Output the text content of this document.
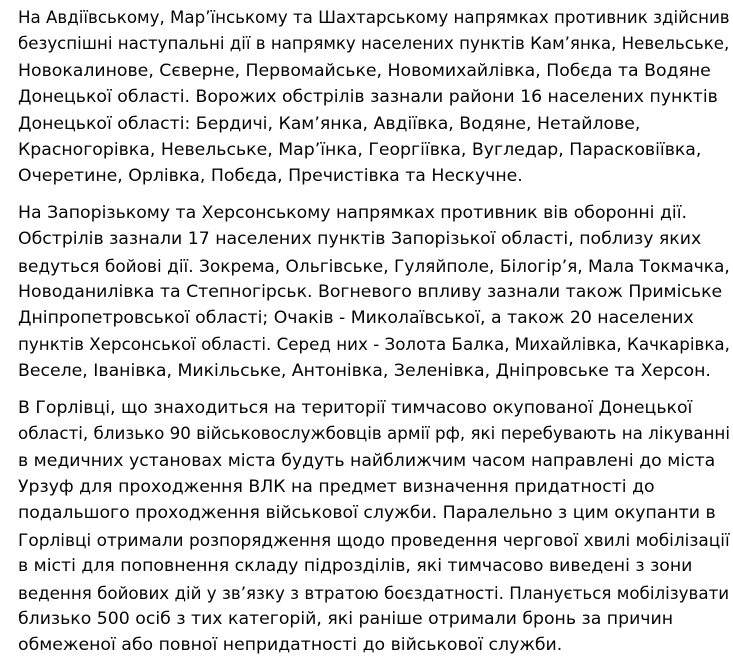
На Авдіївському, Мар’їнському та Шахтарському напрямках противник здійснив
безуспішні наступальні дії в напрямку населених пунктів Кам’янка, Невельське,
Новокалинове, Сєверне, Первомайське, Новомихайлівка, Побєда та Водяне
Донецької області. Ворожих обстрілів зазнали райони 16 населених пунктів
Донецької області: Бердичі, Кам’янка, Авдіївка, Водяне, Нетайлове,
Красногорівка, Невельське, Мар’їнка, Георгіївка, Вугледар, Парасковіївка,
Очеретине, Орлівка, Побєда, Пречистівка та Нескучне.
На Запорізькому та Херсонському напрямках противник вів оборонні дії.
Обстрілів зазнали 17 населених пунктів Запорізької області, поблизу яких
ведуться бойові дії. Зокрема, Ольгівське, Гуляйполе, Білогір’я, Мала Токмачка,
Новоданилівка та Степногірськ. Вогневого впливу зазнали також Примiське
Дніпропетровської області; Очаків - Миколаївської, а також 20 населених
пунктів Херсонської області. Серед них - Золота Балка, Михайлівка, Качкарівка,
Веселе, Іванівка, Микільське, Антонівка, Зеленівка, Дніпровське та Херсон.
В Горлівці, що знаходиться на території тимчасово окупованої Донецької
області, близько 90 військовослужбовців армії рф, які перебувають на лікуванні
в медичних установах міста будуть найближчим часом направлені до міста
Урзуф для проходження ВЛК на предмет визначення придатності до
подальшого проходження військової служби. Паралельно з цим окупанти в
Горлівці отримали розпорядження щодо проведення чергової хвилі мобілізації
в місті для поповнення складу підрозділів, які тимчасово виведені з зони
ведення бойових дій у зв’язку з втратою боєздатності. Планується мобілізувати
близько 500 осіб з тих категорій, які раніше отримали бронь за причин
обмеженої або повної непридатності до військової служби.
